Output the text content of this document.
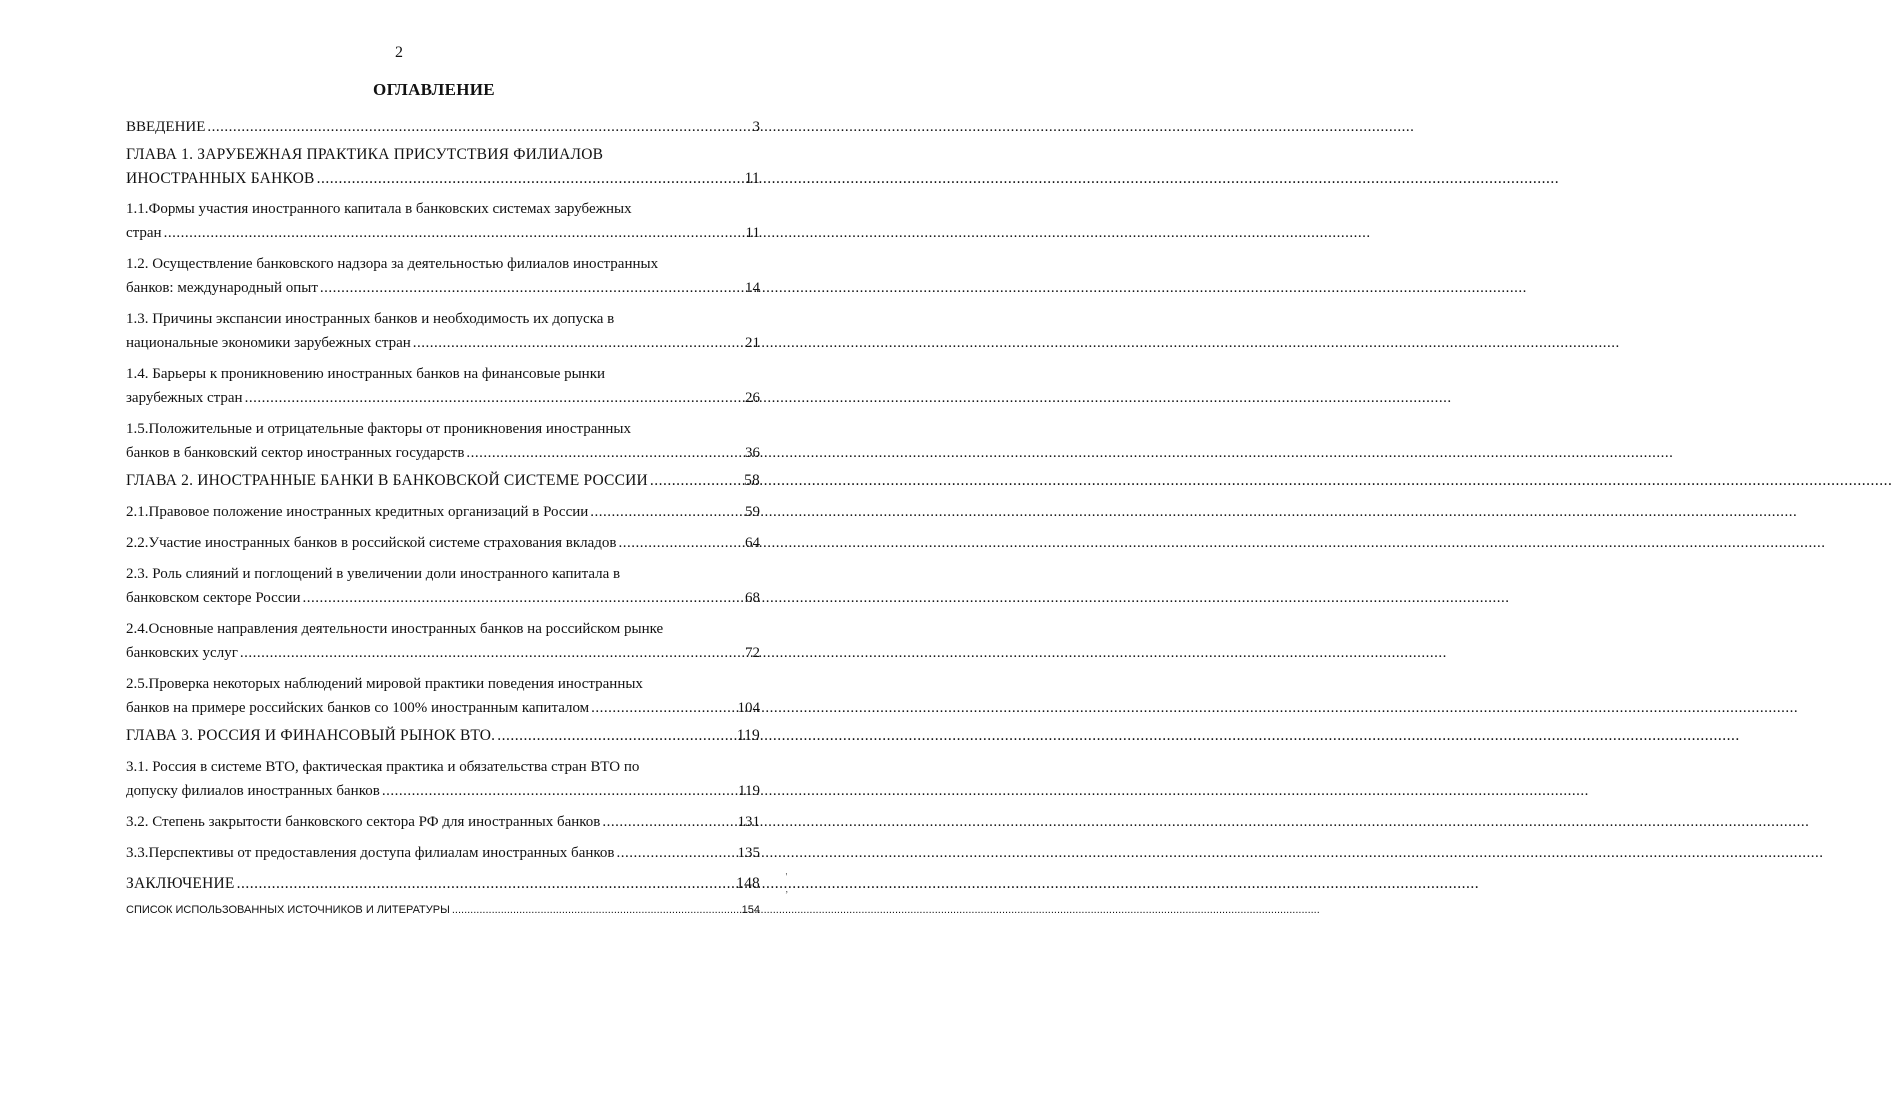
2
ОГЛАВЛЕНИЕ
ВВЕДЕНИЕ .....	3
ГЛАВА 1. ЗАРУБЕЖНАЯ ПРАКТИКА ПРИСУТСТВИЯ ФИЛИАЛОВ
ИНОСТРАННЫХ БАНКОВ .....	11
1.1.Формы участия иностранного капитала в банковских системах зарубежных
стран .....	11
1.2. Осуществление банковского надзора за деятельностью филиалов иностранных
банков: международный опыт .....	14
1.3. Причины экспансии иностранных банков и необходимость их допуска в
национальные экономики зарубежных стран .....	21
1.4. Барьеры к проникновению иностранных банков на финансовые рынки
зарубежных стран .....	26
1.5.Положительные и отрицательные факторы от проникновения иностранных
банков в банковский сектор иностранных государств .....	36
ГЛАВА 2. ИНОСТРАННЫЕ БАНКИ В БАНКОВСКОЙ СИСТЕМЕ РОССИИ .....	58
2.1.Правовое положение иностранных кредитных организаций в России .....	59
2.2.Участие иностранных банков в российской системе страхования вкладов .....	64
2.3. Роль слияний и поглощений в увеличении доли иностранного капитала в
банковском секторе России .....	68
2.4.Основные направления деятельности иностранных банков на российском рынке
банковских услуг .....	72
2.5.Проверка некоторых наблюдений мировой практики поведения иностранных
банков на примере российских банков со 100% иностранным капиталом .....	104
ГЛАВА 3. РОССИЯ И ФИНАНСОВЫЙ РЫНОК ВТО. .....	119
3.1. Россия в системе ВТО, фактическая практика и обязательства стран ВТО по
допуску филиалов иностранных банков .....	119
3.2. Степень закрытости банковского сектора РФ для иностранных банков .....	131
3.3.Перспективы от предоставления доступа филиалам иностранных банков .....	135
ЗАКЛЮЧЕНИЕ .....	148
СПИСОК ИСПОЛЬЗОВАННЫХ ИСТОЧНИКОВ И ЛИТЕРАТУРЫ .....	154
'
,
